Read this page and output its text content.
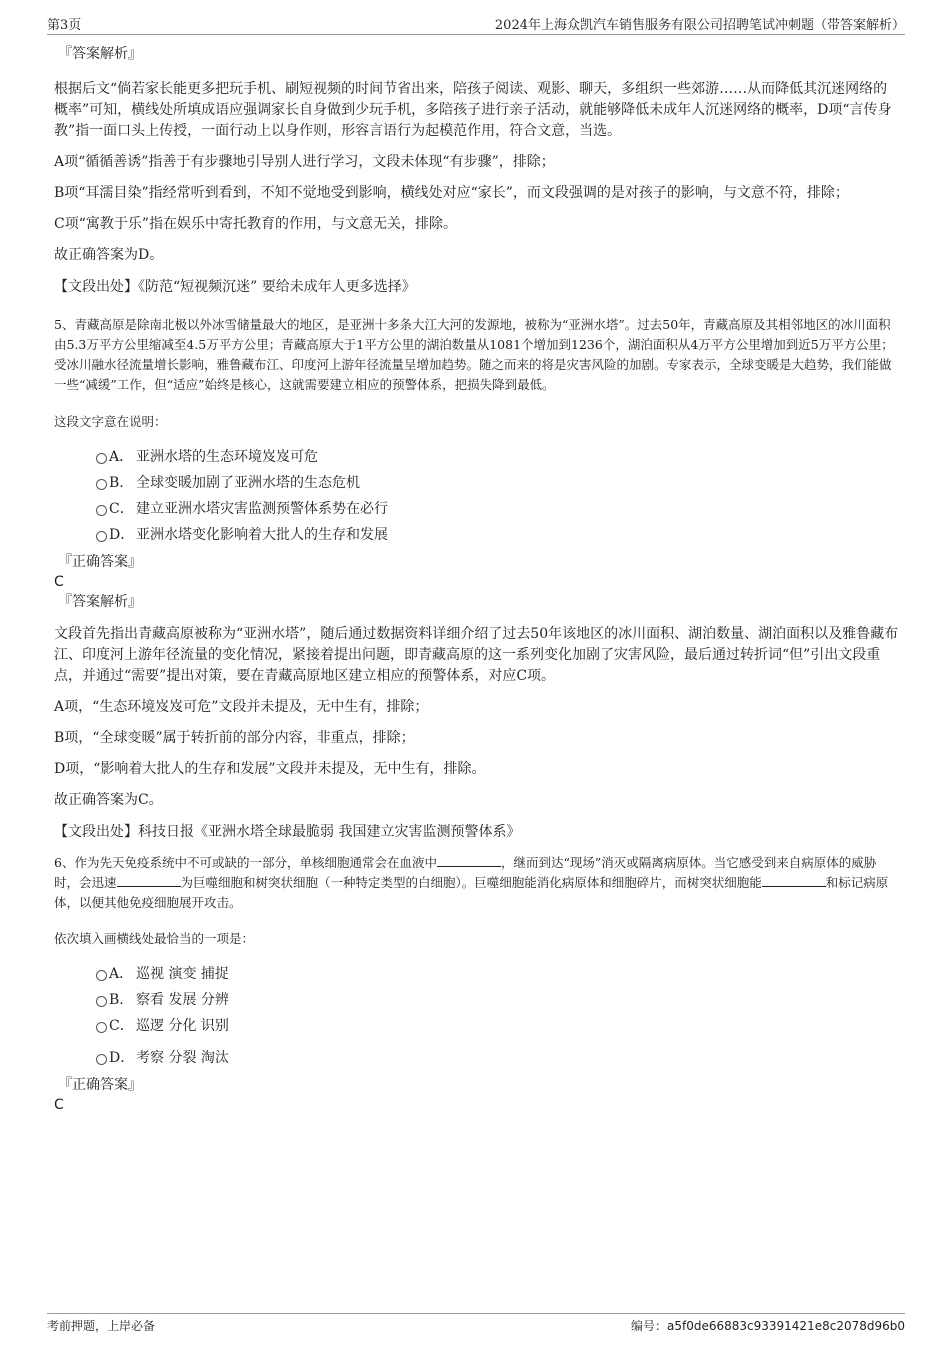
第3页	2024年上海众凯汽车销售服务有限公司招聘笔试冲刺题（带答案解析）
『答案解析』

根据后文“倘若家长能更多把玩手机、刷短视频的时间节省出来，陪孩子阅读、观影、聊天，多组织一些郊游……从而降低其沉迷网络的概率”可知，横线处所填成语应强调家长自身做到少玩手机，多陪孩子进行亲子活动，就能够降低未成年人沉迷网络的概率，D项“言传身教”指一面口头上传授，一面行动上以身作则，形容言语行为起模范作用，符合文意，当选。

A项“循循善诱”指善于有步骤地引导别人进行学习，文段未体现“有步骤”，排除；

B项“耳濡目染”指经常听到看到，不知不觉地受到影响，横线处对应“家长”，而文段强调的是对孩子的影响，与文意不符，排除；

C项“寓教于乐”指在娱乐中寄托教育的作用，与文意无关，排除。

故正确答案为D。

【文段出处】《防范“短视频沉迷” 要给未成年人更多选择》

5、青藏高原是除南北极以外冰雪储量最大的地区，是亚洲十多条大江大河的发源地，被称为“亚洲水塔”。过去50年，青藏高原及其相邻地区的冰川面积由5.3万平方公里缩减至4.5万平方公里；青藏高原大于1平方公里的湖泊数量从1081个增加到1236个，湖泊面积从4万平方公里增加到近5万平方公里；受冰川融水径流量增长影响，雅鲁藏布江、印度河上游年径流量呈增加趋势。随之而来的将是灾害风险的加剧。专家表示，全球变暖是大趋势，我们能做一些“减缓”工作，但“适应”始终是核心，这就需要建立相应的预警体系，把损失降到最低。

这段文字意在说明：

A． 亚洲水塔的生态环境岌岌可危
B. 全球变暖加剧了亚洲水塔的生态危机
C． 建立亚洲水塔灾害监测预警体系势在必行
D． 亚洲水塔变化影响着大批人的生存和发展
『正确答案』
C
『答案解析』

文段首先指出青藏高原被称为“亚洲水塔”，随后通过数据资料详细介绍了过去50年该地区的冰川面积、湖泊数量、湖泊面积以及雅鲁藏布江、印度河上游年径流量的变化情况，紧接着提出问题，即青藏高原的这一系列变化加剧了灾害风险，最后通过转折词“但”引出文段重点，并通过“需要”提出对策，要在青藏高原地区建立相应的预警体系，对应C项。

A项，“生态环境岌岌可危”文段并未提及，无中生有，排除；

B项，“全球变暖”属于转折前的部分内容，非重点，排除；

D项，“影响着大批人的生存和发展”文段并未提及，无中生有，排除。

故正确答案为C。

【文段出处】科技日报《亚洲水塔全球最脆弱 我国建立灾害监测预警体系》

6、作为先天免疫系统中不可或缺的一部分，单核细胞通常会在血液中	，继而到达“现场”消灭或隔离病原体。当它感受到来自病原体的威胁时，会迅速	为巨噬细胞和树突状细胞（一种特定类型的白细胞）。巨噬细胞能消化病原体和细胞碎片，而树突状细胞能	和标记病原体，以便其他免疫细胞展开攻击。

依次填入画横线处最恰当的一项是：

A． 巡视 演变 捕捉
B. 察看 发展 分辨
C． 巡逻 分化 识别
D． 考察 分裂 淘汰
『正确答案』
C
考前押题，上岸必备	编号：a5f0de66883c93391421e8c2078d96b0
